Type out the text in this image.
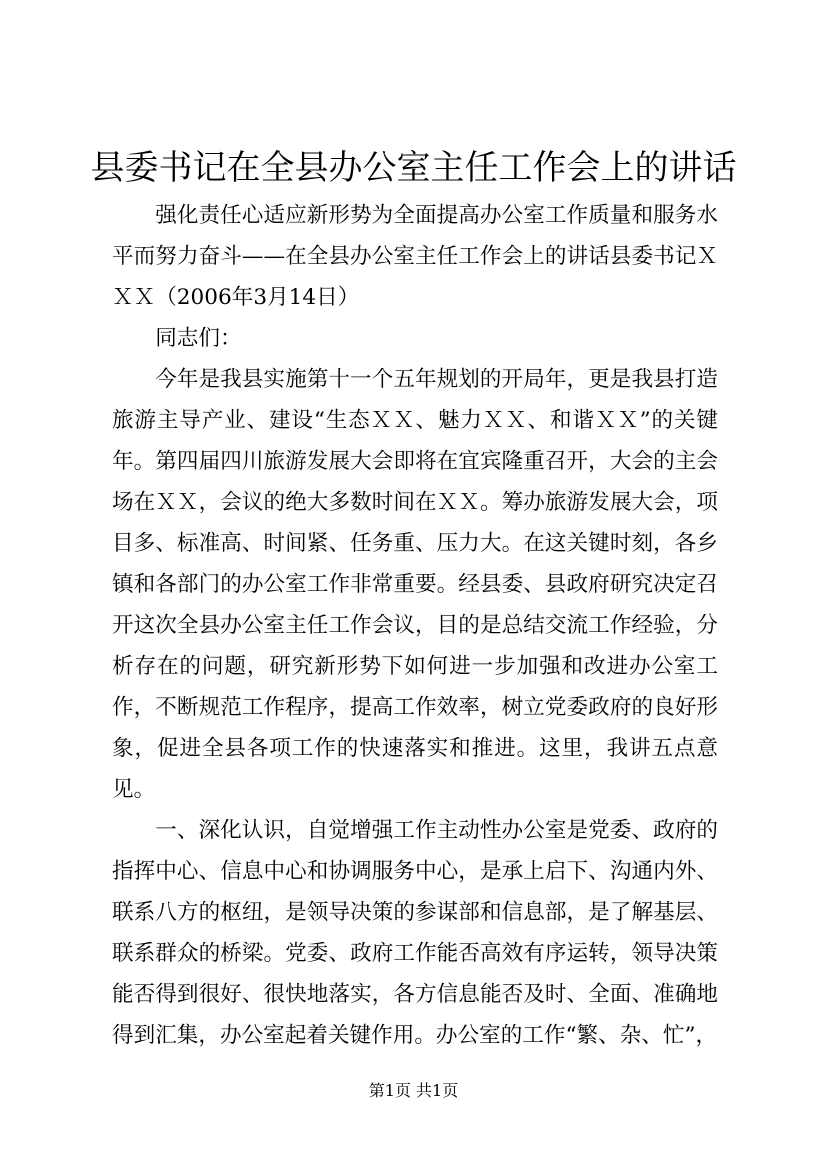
县委书记在全县办公室主任工作会上的讲话

强化责任心适应新形势为全面提高办公室工作质量和服务水平而努力奋斗——在全县办公室主任工作会上的讲话县委书记ＸＸＸ（2006年3月14日）

同志们：

今年是我县实施第十一个五年规划的开局年，更是我县打造旅游主导产业、建设“生态ＸＸ、魅力ＸＸ、和谐ＸＸ”的关键年。第四届四川旅游发展大会即将在宜宾隆重召开，大会的主会场在ＸＸ，会议的绝大多数时间在ＸＸ。筹办旅游发展大会，项目多、标准高、时间紧、任务重、压力大。在这关键时刻，各乡镇和各部门的办公室工作非常重要。经县委、县政府研究决定召开这次全县办公室主任工作会议，目的是总结交流工作经验，分析存在的问题，研究新形势下如何进一步加强和改进办公室工作，不断规范工作程序，提高工作效率，树立党委政府的良好形象，促进全县各项工作的快速落实和推进。这里，我讲五点意见。

一、深化认识，自觉增强工作主动性办公室是党委、政府的指挥中心、信息中心和协调服务中心，是承上启下、沟通内外、联系八方的枢纽，是领导决策的参谋部和信息部，是了解基层、联系群众的桥梁。党委、政府工作能否高效有序运转，领导决策能否得到很好、很快地落实，各方信息能否及时、全面、准确地得到汇集，办公室起着关键作用。办公室的工作“繁、杂、忙”，

第1页 共1页
